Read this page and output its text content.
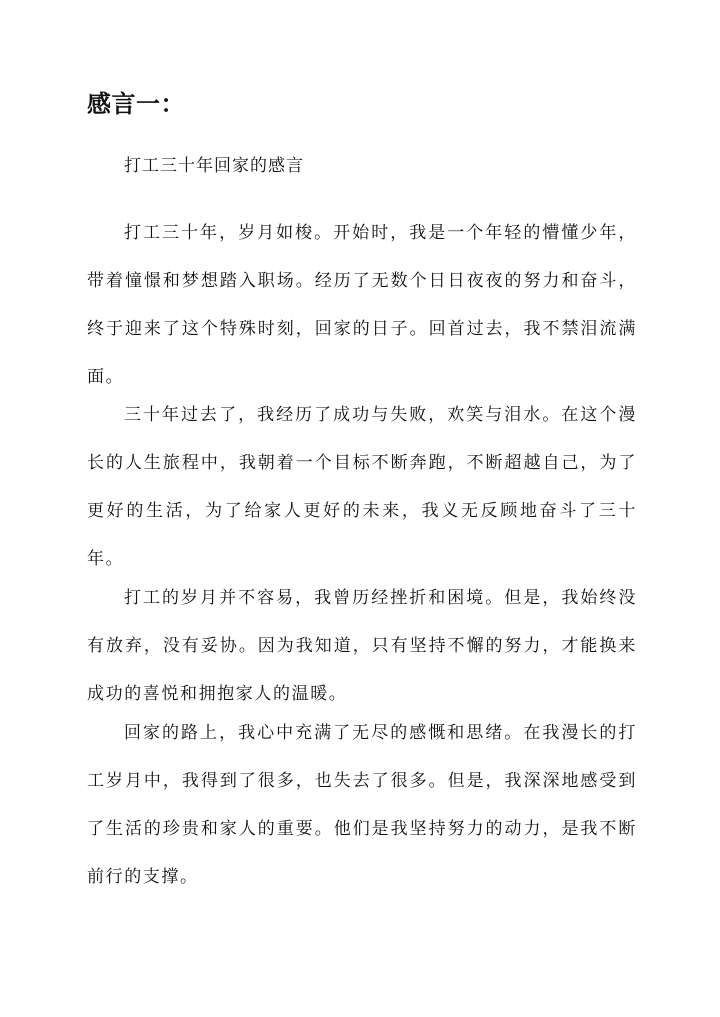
感言一：

打工三十年回家的感言

打工三十年，岁月如梭。开始时，我是一个年轻的懵懂少年，带着憧憬和梦想踏入职场。经历了无数个日日夜夜的努力和奋斗，终于迎来了这个特殊时刻，回家的日子。回首过去，我不禁泪流满面。

三十年过去了，我经历了成功与失败，欢笑与泪水。在这个漫长的人生旅程中，我朝着一个目标不断奔跑，不断超越自己，为了更好的生活，为了给家人更好的未来，我义无反顾地奋斗了三十年。

打工的岁月并不容易，我曾历经挫折和困境。但是，我始终没有放弃，没有妥协。因为我知道，只有坚持不懈的努力，才能换来成功的喜悦和拥抱家人的温暖。

回家的路上，我心中充满了无尽的感慨和思绪。在我漫长的打工岁月中，我得到了很多，也失去了很多。但是，我深深地感受到了生活的珍贵和家人的重要。他们是我坚持努力的动力，是我不断前行的支撑。
